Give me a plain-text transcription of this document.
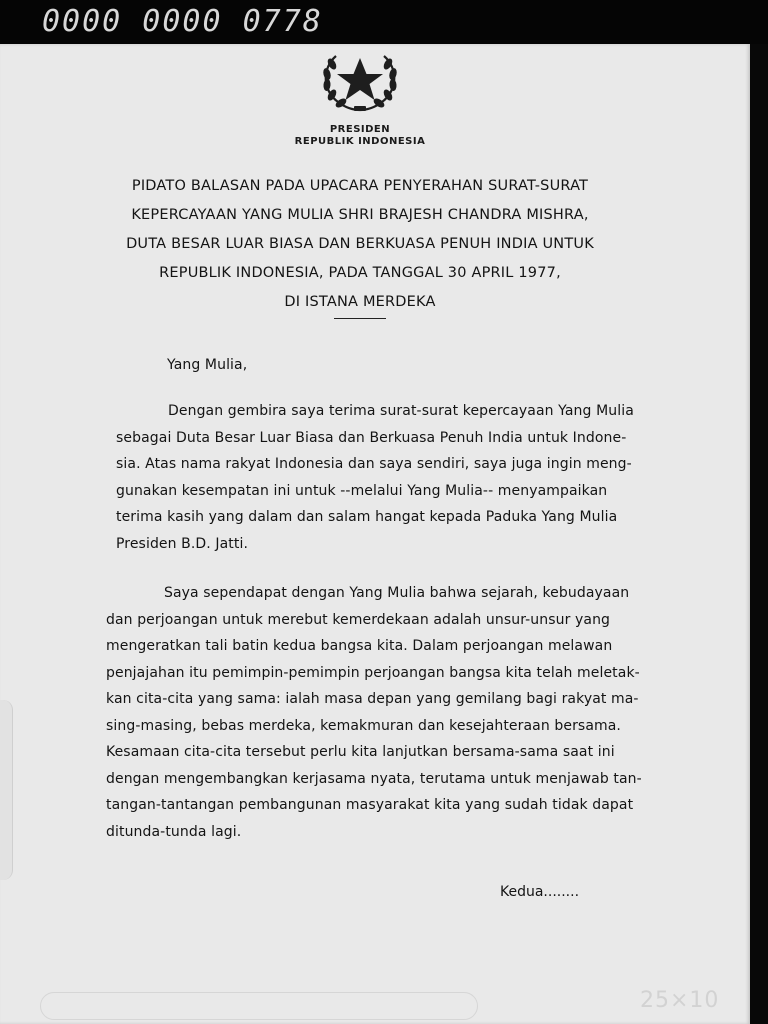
0000 0000 0778
PRESIDEN
REPUBLIK INDONESIA
PIDATO BALASAN PADA UPACARA PENYERAHAN SURAT-SURAT
KEPERCAYAAN YANG MULIA SHRI BRAJESH CHANDRA MISHRA,
DUTA BESAR LUAR BIASA DAN BERKUASA PENUH INDIA UNTUK
REPUBLIK INDONESIA, PADA TANGGAL 30 APRIL 1977,
DI ISTANA MERDEKA
Yang Mulia,
Dengan gembira saya terima surat-surat kepercayaan Yang Mulia
sebagai Duta Besar Luar Biasa dan Berkuasa Penuh India untuk Indone-
sia. Atas nama rakyat Indonesia dan saya sendiri, saya juga ingin meng-
gunakan kesempatan ini untuk --melalui Yang Mulia-- menyampaikan
terima kasih yang dalam dan salam hangat kepada Paduka Yang Mulia
Presiden B.D. Jatti.
Saya sependapat dengan Yang Mulia bahwa sejarah, kebudayaan
dan perjoangan untuk merebut kemerdekaan adalah unsur-unsur yang
mengeratkan tali batin kedua bangsa kita. Dalam perjoangan melawan
penjajahan itu pemimpin-pemimpin perjoangan bangsa kita telah meletak-
kan cita-cita yang sama: ialah masa depan yang gemilang bagi rakyat ma-
sing-masing, bebas merdeka, kemakmuran dan kesejahteraan bersama.
Kesamaan cita-cita tersebut perlu kita lanjutkan bersama-sama saat ini
dengan mengembangkan kerjasama nyata, terutama untuk menjawab tan-
tangan-tantangan pembangunan masyarakat kita yang sudah tidak dapat
ditunda-tunda lagi.
Kedua........
25×10
